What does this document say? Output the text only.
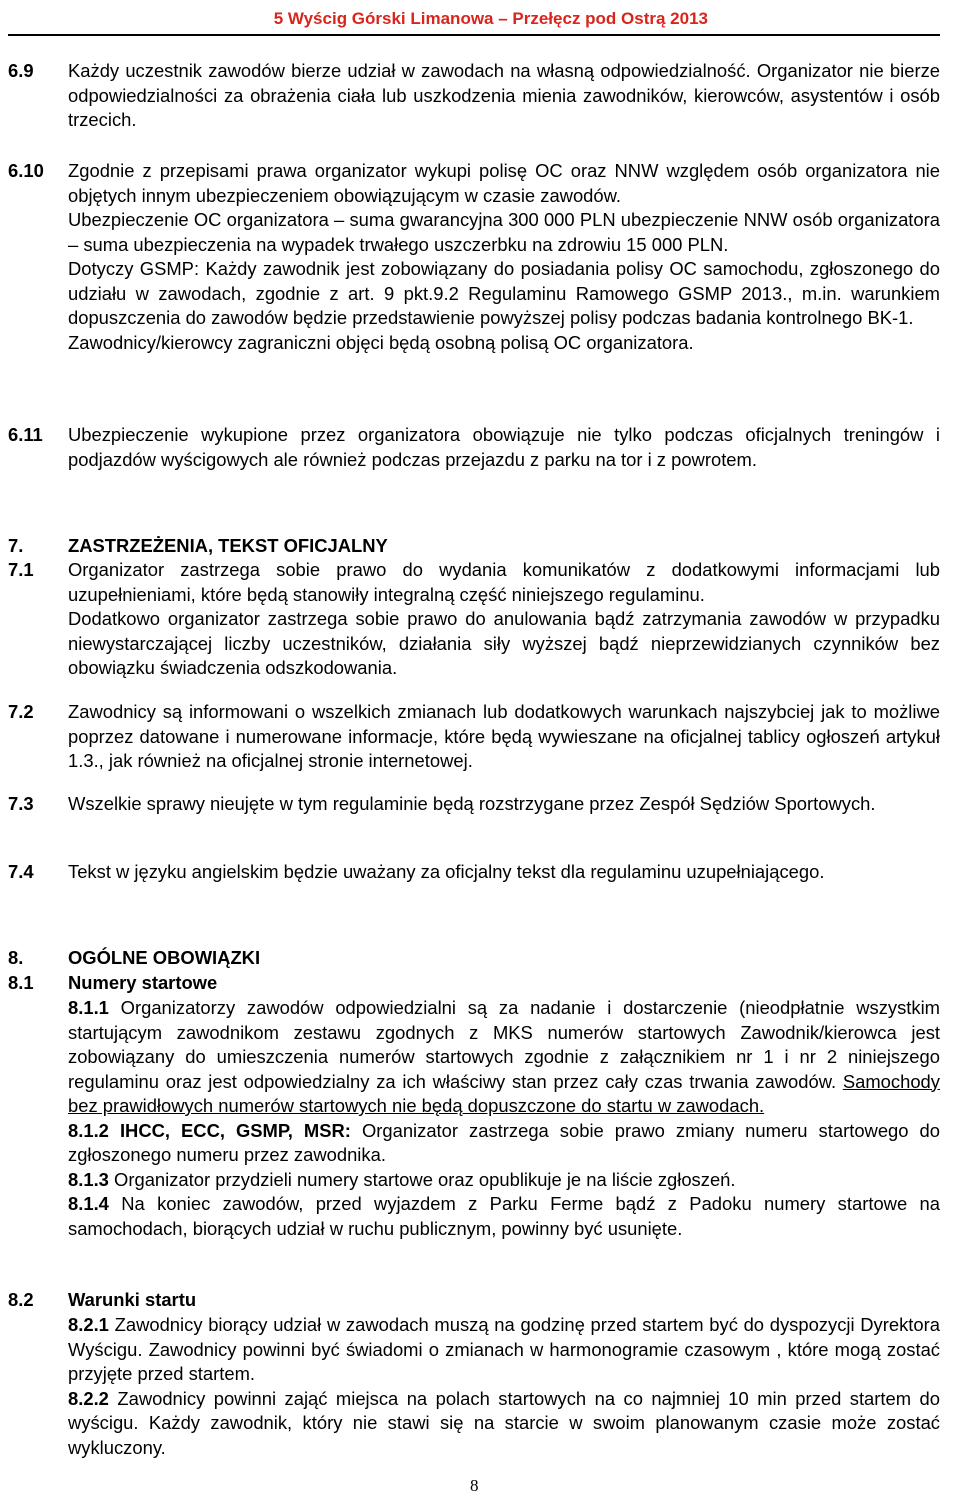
5 Wyścig Górski Limanowa – Przełęcz pod Ostrą 2013
6.9 Każdy uczestnik zawodów bierze udział w zawodach na własną odpowiedzialność. Organizator nie bierze odpowiedzialności za obrażenia ciała lub uszkodzenia mienia zawodników, kierowców, asystentów i osób trzecich.

6.10 Zgodnie z przepisami prawa organizator wykupi polisę OC oraz NNW względem osób organizatora nie objętych innym ubezpieczeniem obowiązującym w czasie zawodów.

Ubezpieczenie OC organizatora – suma gwarancyjna 300 000 PLN ubezpieczenie NNW osób organizatora – suma ubezpieczenia na wypadek trwałego uszczerbku na zdrowiu 15 000 PLN.

Dotyczy GSMP: Każdy zawodnik jest zobowiązany do posiadania polisy OC samochodu, zgłoszonego do udziału w zawodach, zgodnie z art. 9 pkt.9.2 Regulaminu Ramowego GSMP 2013., m.in. warunkiem dopuszczenia do zawodów będzie przedstawienie powyższej polisy podczas badania kontrolnego BK-1.

Zawodnicy/kierowcy zagraniczni objęci będą osobną polisą OC organizatora.

6.11 Ubezpieczenie wykupione przez organizatora obowiązuje nie tylko podczas oficjalnych treningów i podjazdów wyścigowych ale również podczas przejazdu z parku na tor i z powrotem.

7. ZASTRZEŻENIA, TEKST OFICJALNY
7.1 Organizator zastrzega sobie prawo do wydania komunikatów z dodatkowymi informacjami lub uzupełnieniami, które będą stanowiły integralną część niniejszego regulaminu.

Dodatkowo organizator zastrzega sobie prawo do anulowania bądź zatrzymania zawodów w przypadku niewystarczającej liczby uczestników, działania siły wyższej bądź nieprzewidzianych czynników bez obowiązku świadczenia odszkodowania.

7.2 Zawodnicy są informowani o wszelkich zmianach lub dodatkowych warunkach najszybciej jak to możliwe poprzez datowane i numerowane informacje, które będą wywieszane na oficjalnej tablicy ogłoszeń artykuł 1.3., jak również na oficjalnej stronie internetowej.

7.3 Wszelkie sprawy nieujęte w tym regulaminie będą rozstrzygane przez Zespół Sędziów Sportowych.

7.4 Tekst w języku angielskim będzie uważany za oficjalny tekst dla regulaminu uzupełniającego.

8. OGÓLNE OBOWIĄZKI
8.1 Numery startowe

8.1.1 Organizatorzy zawodów odpowiedzialni są za nadanie i dostarczenie (nieodpłatnie wszystkim startującym zawodnikom zestawu zgodnych z MKS numerów startowych Zawodnik/kierowca jest zobowiązany do umieszczenia numerów startowych zgodnie z załącznikiem nr 1 i nr 2 niniejszego regulaminu oraz jest odpowiedzialny za ich właściwy stan przez cały czas trwania zawodów. Samochody bez prawidłowych numerów startowych nie będą dopuszczone do startu w zawodach.

8.1.2 IHCC, ECC, GSMP, MSR: Organizator zastrzega sobie prawo zmiany numeru startowego do zgłoszonego numeru przez zawodnika.

8.1.3 Organizator przydzieli numery startowe oraz opublikuje je na liście zgłoszeń.

8.1.4 Na koniec zawodów, przed wyjazdem z Parku Ferme bądź z Padoku numery startowe na samochodach, biorących udział w ruchu publicznym, powinny być usunięte.

8.2 Warunki startu

8.2.1 Zawodnicy biorący udział w zawodach muszą na godzinę przed startem być do dyspozycji Dyrektora Wyścigu. Zawodnicy powinni być świadomi o zmianach w harmonogramie czasowym , które mogą zostać przyjęte przed startem.

8.2.2 Zawodnicy powinni zająć miejsca na polach startowych na co najmniej 10 min przed startem do wyścigu. Każdy zawodnik, który nie stawi się na starcie w swoim planowanym czasie może zostać wykluczony.

8
